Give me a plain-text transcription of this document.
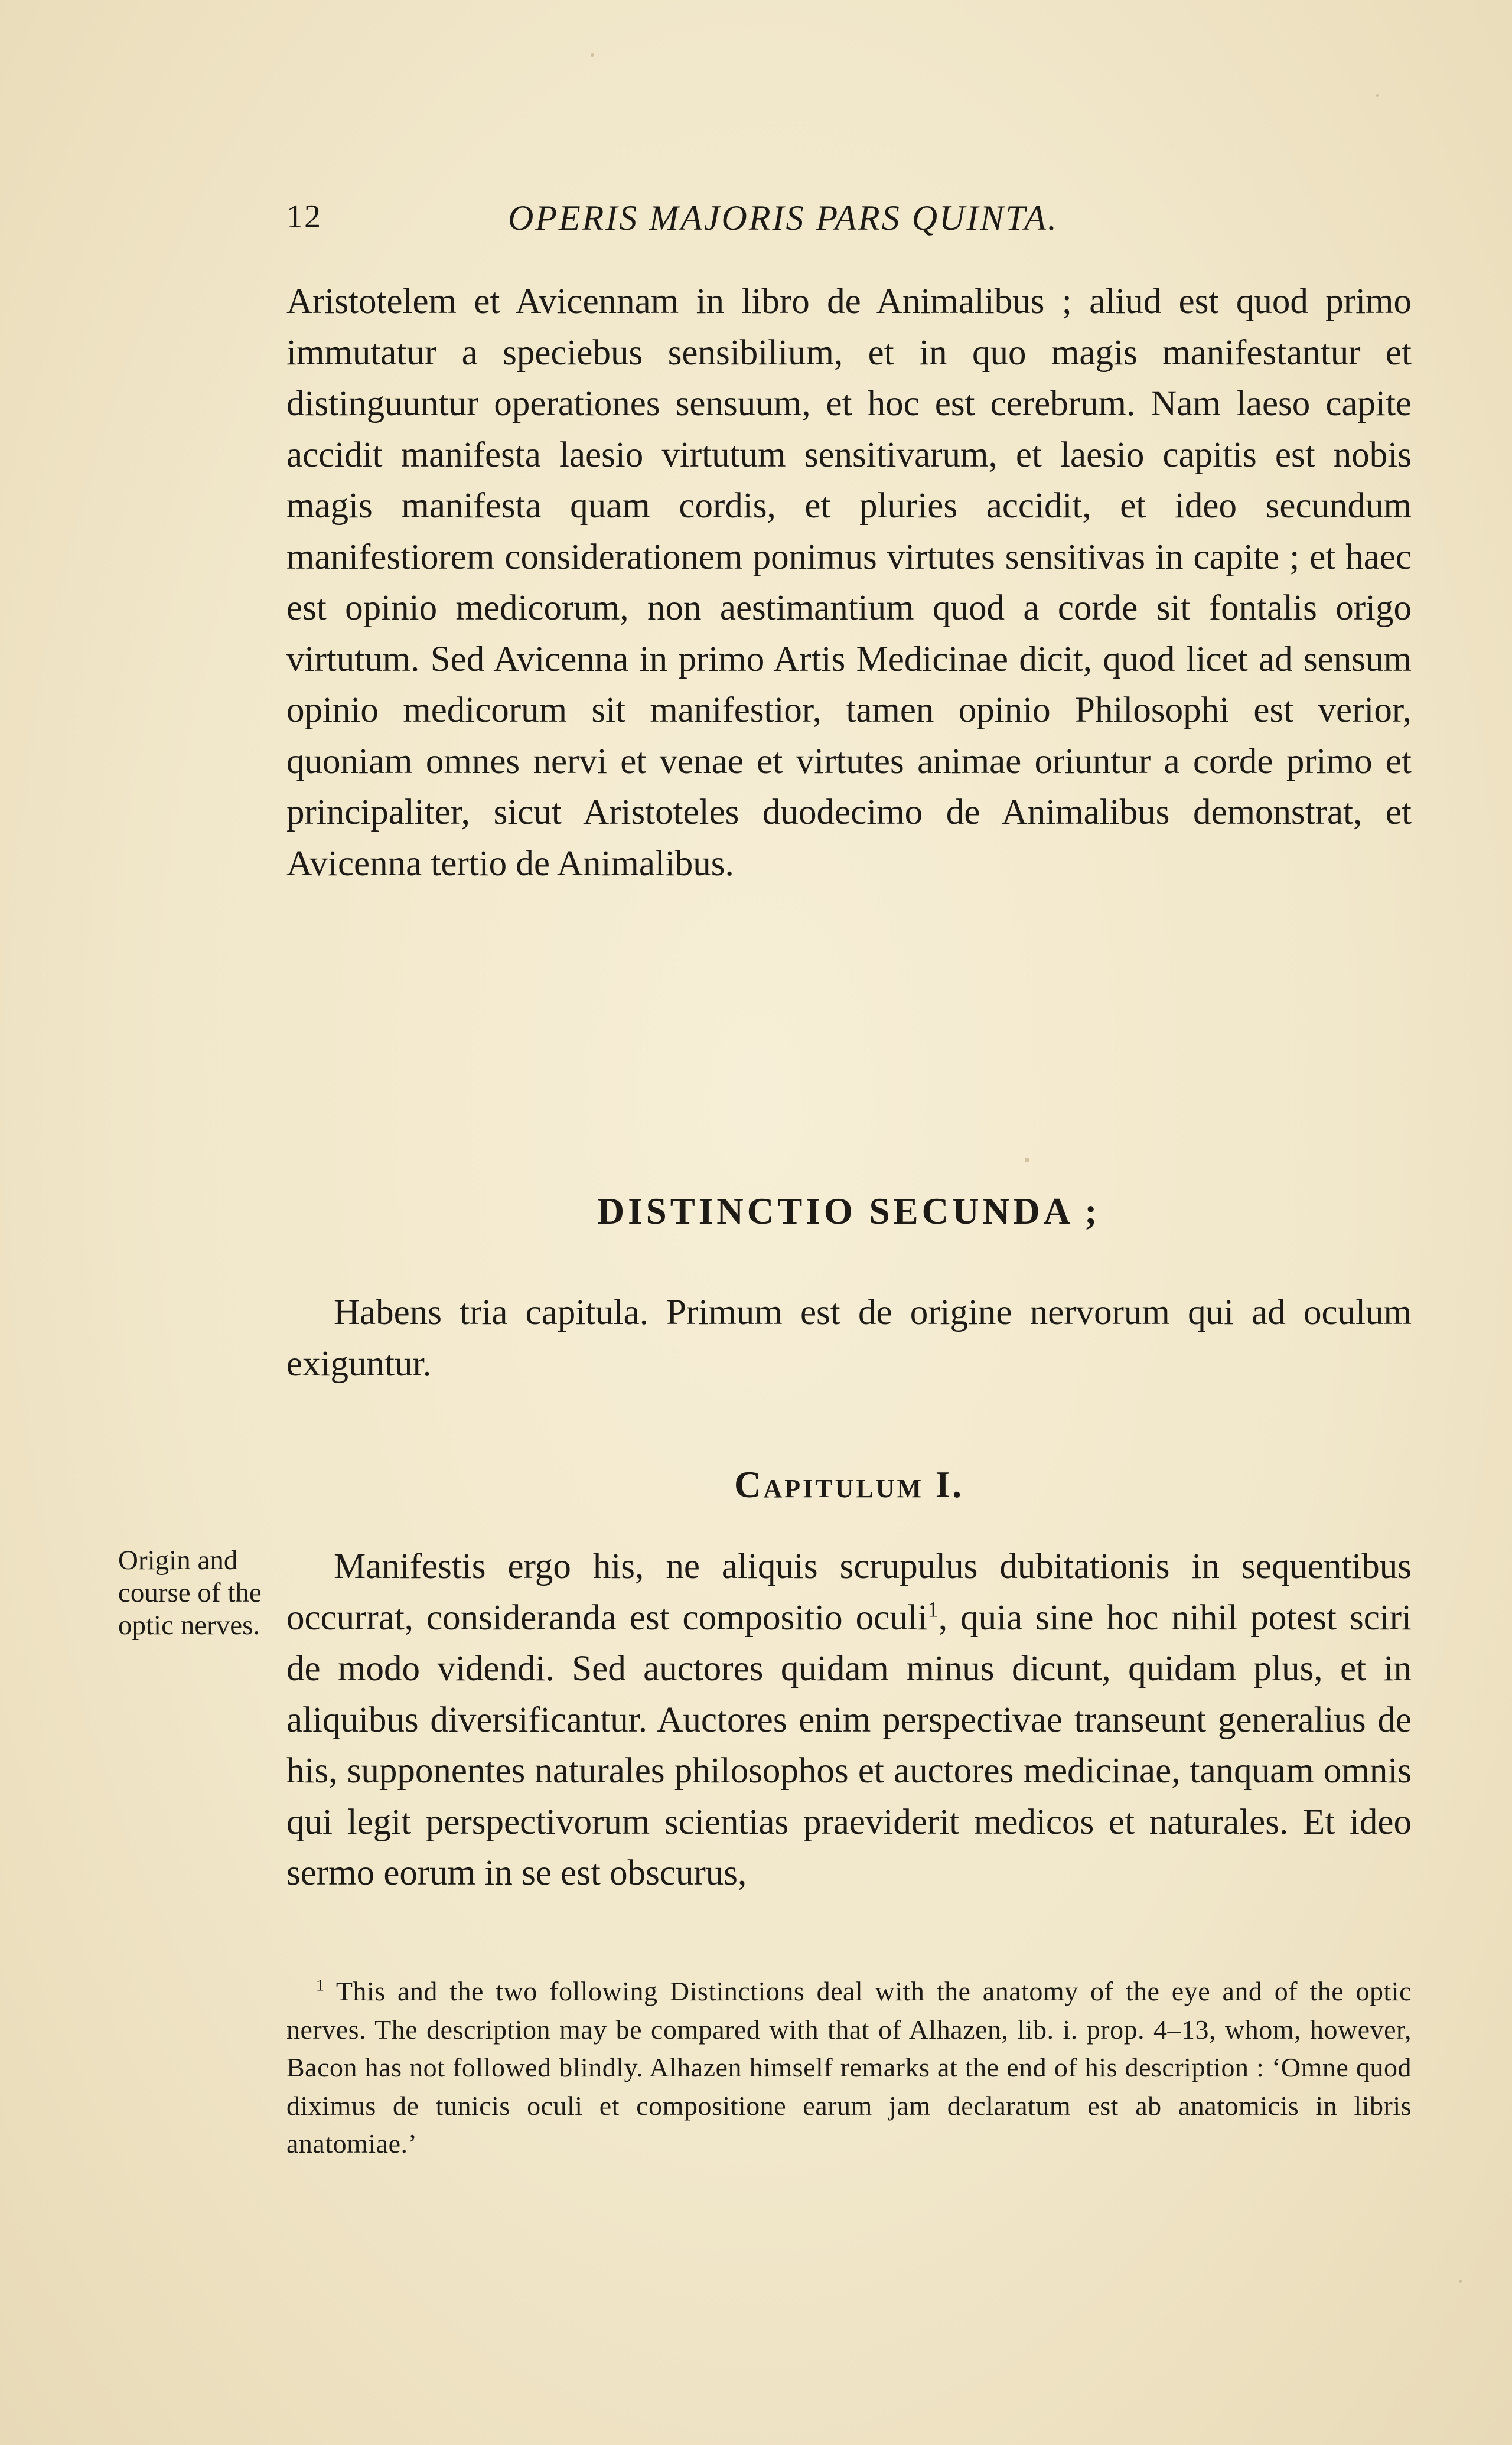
12	OPERIS MAJORIS PARS QUINTA.

Aristotelem et Avicennam in libro de Animalibus ; aliud est quod primo immutatur a speciebus sensibilium, et in quo magis manifestantur et distinguuntur operationes sensuum, et hoc est cerebrum. Nam laeso capite accidit manifesta laesio virtutum sensitivarum, et laesio capitis est nobis magis manifesta quam cordis, et pluries accidit, et ideo secundum manifestiorem considerationem ponimus virtutes sensitivas in capite ; et haec est opinio medicorum, non aestimantium quod a corde sit fontalis origo virtutum. Sed Avicenna in primo Artis Medicinae dicit, quod licet ad sensum opinio medicorum sit manifestior, tamen opinio Philosophi est verior, quoniam omnes nervi et venae et virtutes animae oriuntur a corde primo et principaliter, sicut Aristoteles duodecimo de Animalibus demonstrat, et Avicenna tertio de Animalibus.

DISTINCTIO SECUNDA ;

Habens tria capitula. Primum est de origine nervorum qui ad oculum exiguntur.

Capitulum I.

Origin and course of the optic nerves.

Manifestis ergo his, ne aliquis scrupulus dubitationis in sequentibus occurrat, consideranda est compositio oculi$^1$, quia sine hoc nihil potest sciri de modo videndi. Sed auctores quidam minus dicunt, quidam plus, et in aliquibus diversificantur. Auctores enim perspectivae transeunt generalius de his, supponentes naturales philosophos et auctores medicinae, tanquam omnis qui legit perspectivorum scientias praeviderit medicos et naturales. Et ideo sermo eorum in se est obscurus,

$^1$ This and the two following Distinctions deal with the anatomy of the eye and of the optic nerves. The description may be compared with that of Alhazen, lib. i. prop. 4–13, whom, however, Bacon has not followed blindly. Alhazen himself remarks at the end of his description : ‘Omne quod diximus de tunicis oculi et compositione earum jam declaratum est ab anatomicis in libris anatomiae.’
